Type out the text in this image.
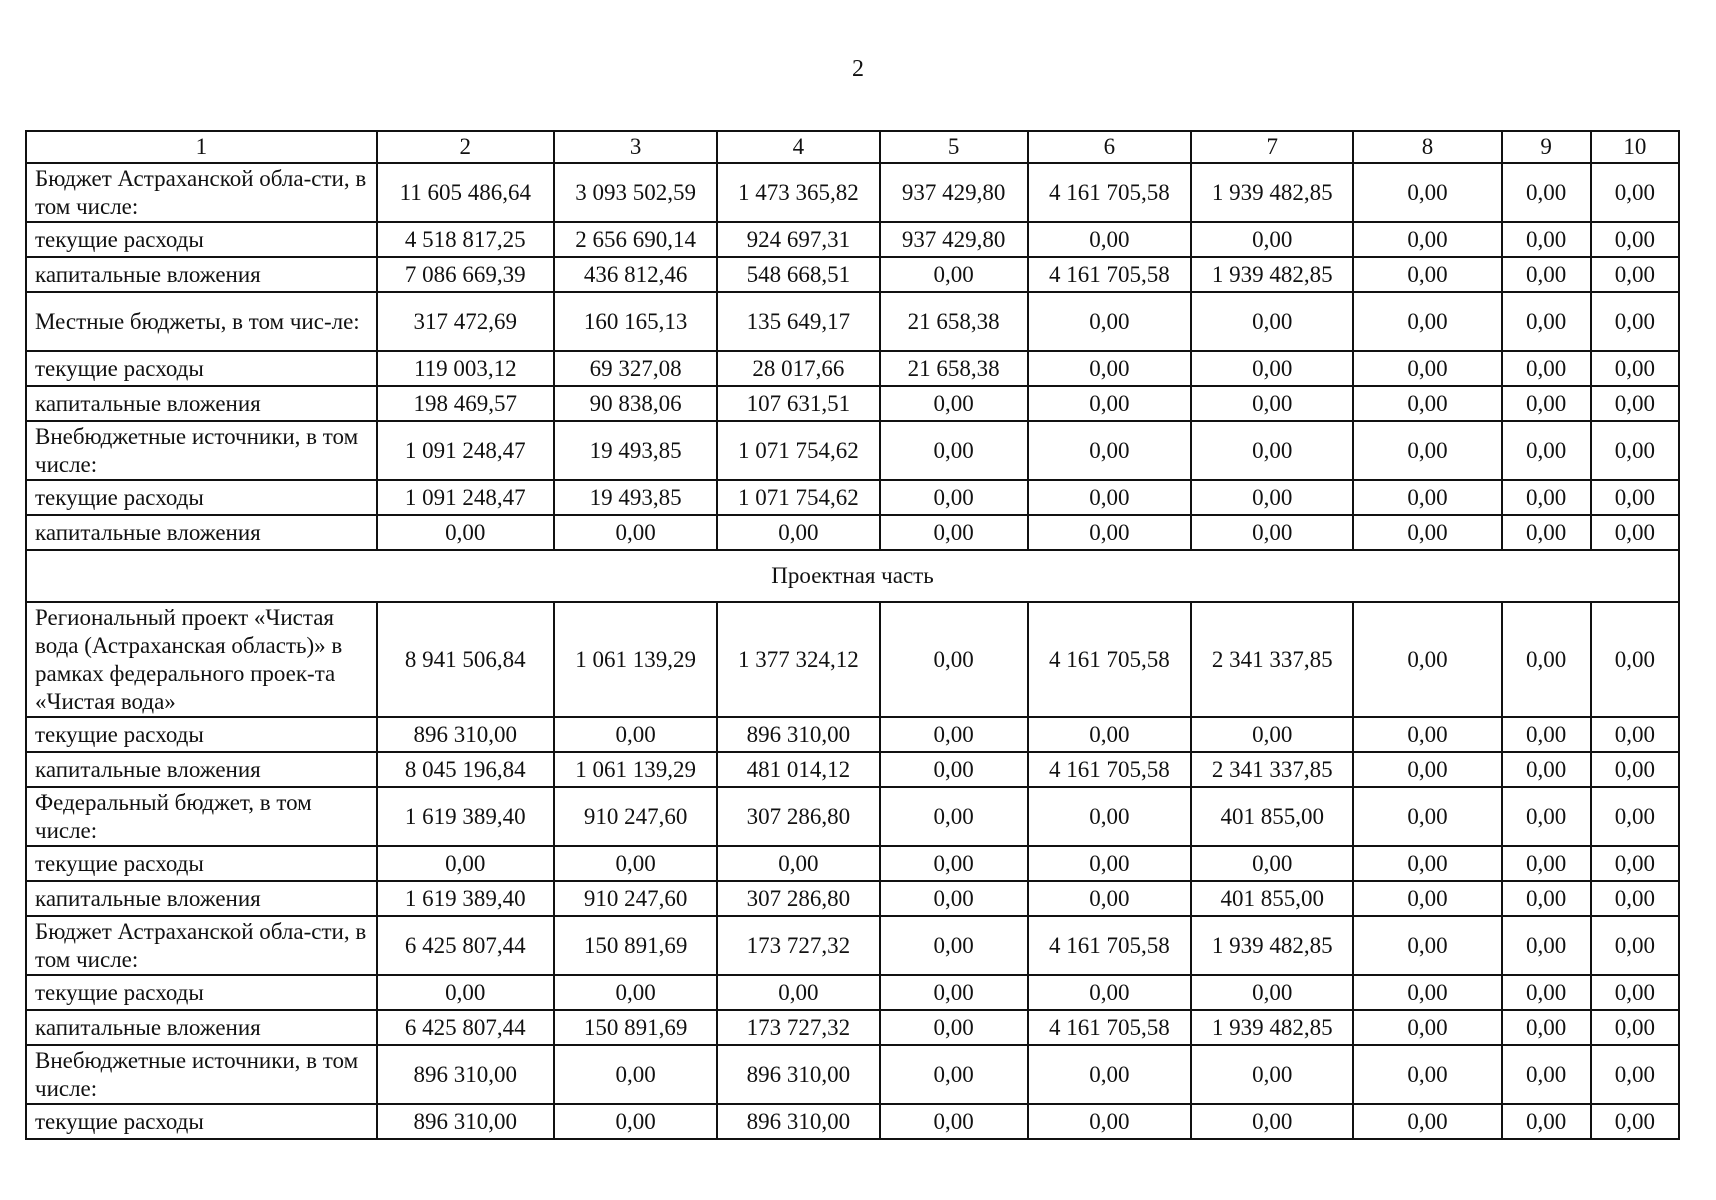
2
1	2	3	4	5	6	7	8	9	10
Бюджет Астраханской обла-сти, в том числе:	11 605 486,64	3 093 502,59	1 473 365,82	937 429,80	4 161 705,58	1 939 482,85	0,00	0,00	0,00
текущие расходы	4 518 817,25	2 656 690,14	924 697,31	937 429,80	0,00	0,00	0,00	0,00	0,00
капитальные вложения	7 086 669,39	436 812,46	548 668,51	0,00	4 161 705,58	1 939 482,85	0,00	0,00	0,00
Местные бюджеты, в том чис-ле:	317 472,69	160 165,13	135 649,17	21 658,38	0,00	0,00	0,00	0,00	0,00
текущие расходы	119 003,12	69 327,08	28 017,66	21 658,38	0,00	0,00	0,00	0,00	0,00
капитальные вложения	198 469,57	90 838,06	107 631,51	0,00	0,00	0,00	0,00	0,00	0,00
Внебюджетные источники, в том числе:	1 091 248,47	19 493,85	1 071 754,62	0,00	0,00	0,00	0,00	0,00	0,00
текущие расходы	1 091 248,47	19 493,85	1 071 754,62	0,00	0,00	0,00	0,00	0,00	0,00
капитальные вложения	0,00	0,00	0,00	0,00	0,00	0,00	0,00	0,00	0,00
Проектная часть									
Региональный проект «Чистая вода (Астраханская область)» в рамках федерального проек-та «Чистая вода»	8 941 506,84	1 061 139,29	1 377 324,12	0,00	4 161 705,58	2 341 337,85	0,00	0,00	0,00
текущие расходы	896 310,00	0,00	896 310,00	0,00	0,00	0,00	0,00	0,00	0,00
капитальные вложения	8 045 196,84	1 061 139,29	481 014,12	0,00	4 161 705,58	2 341 337,85	0,00	0,00	0,00
Федеральный бюджет, в том числе:	1 619 389,40	910 247,60	307 286,80	0,00	0,00	401 855,00	0,00	0,00	0,00
текущие расходы	0,00	0,00	0,00	0,00	0,00	0,00	0,00	0,00	0,00
капитальные вложения	1 619 389,40	910 247,60	307 286,80	0,00	0,00	401 855,00	0,00	0,00	0,00
Бюджет Астраханской обла-сти, в том числе:	6 425 807,44	150 891,69	173 727,32	0,00	4 161 705,58	1 939 482,85	0,00	0,00	0,00
текущие расходы	0,00	0,00	0,00	0,00	0,00	0,00	0,00	0,00	0,00
капитальные вложения	6 425 807,44	150 891,69	173 727,32	0,00	4 161 705,58	1 939 482,85	0,00	0,00	0,00
Внебюджетные источники, в том числе:	896 310,00	0,00	896 310,00	0,00	0,00	0,00	0,00	0,00	0,00
текущие расходы	896 310,00	0,00	896 310,00	0,00	0,00	0,00	0,00	0,00	0,00
